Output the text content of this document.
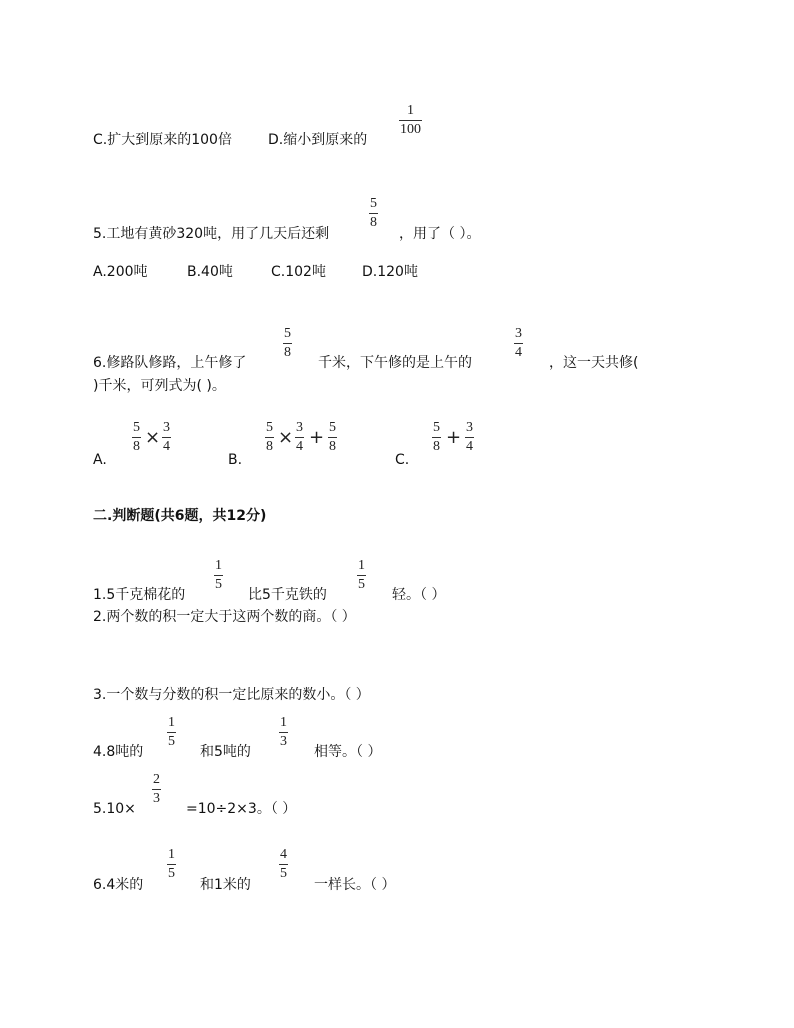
C.扩大到原来的100倍	D.缩小到原来的
1
100
5.工地有黄砂320吨，用了几天后还剩
5
8
，用了（ ）。
A.200吨	B.40吨	C.102吨	D.120吨
6.修路队修路，上午修了
5
8
千米，下午修的是上午的
3
4
，这一天共修(
)千米，可列式为( )。
A.
5
8 × 3
4
B.
5
8 × 3
4 + 5
8
C.
5
8 + 3
4
二.判断题(共6题，共12分)
1.5千克棉花的
1
5
比5千克铁的
1
5
轻。（ ）
2.两个数的积一定大于这两个数的商。（ ）
3.一个数与分数的积一定比原来的数小。（ ）
4.8吨的
1
5
和5吨的
1
3
相等。（ ）
5.10×
2
3
=10÷2×3。（ ）
6.4米的
1
5
和1米的
4
5
一样长。（ ）
